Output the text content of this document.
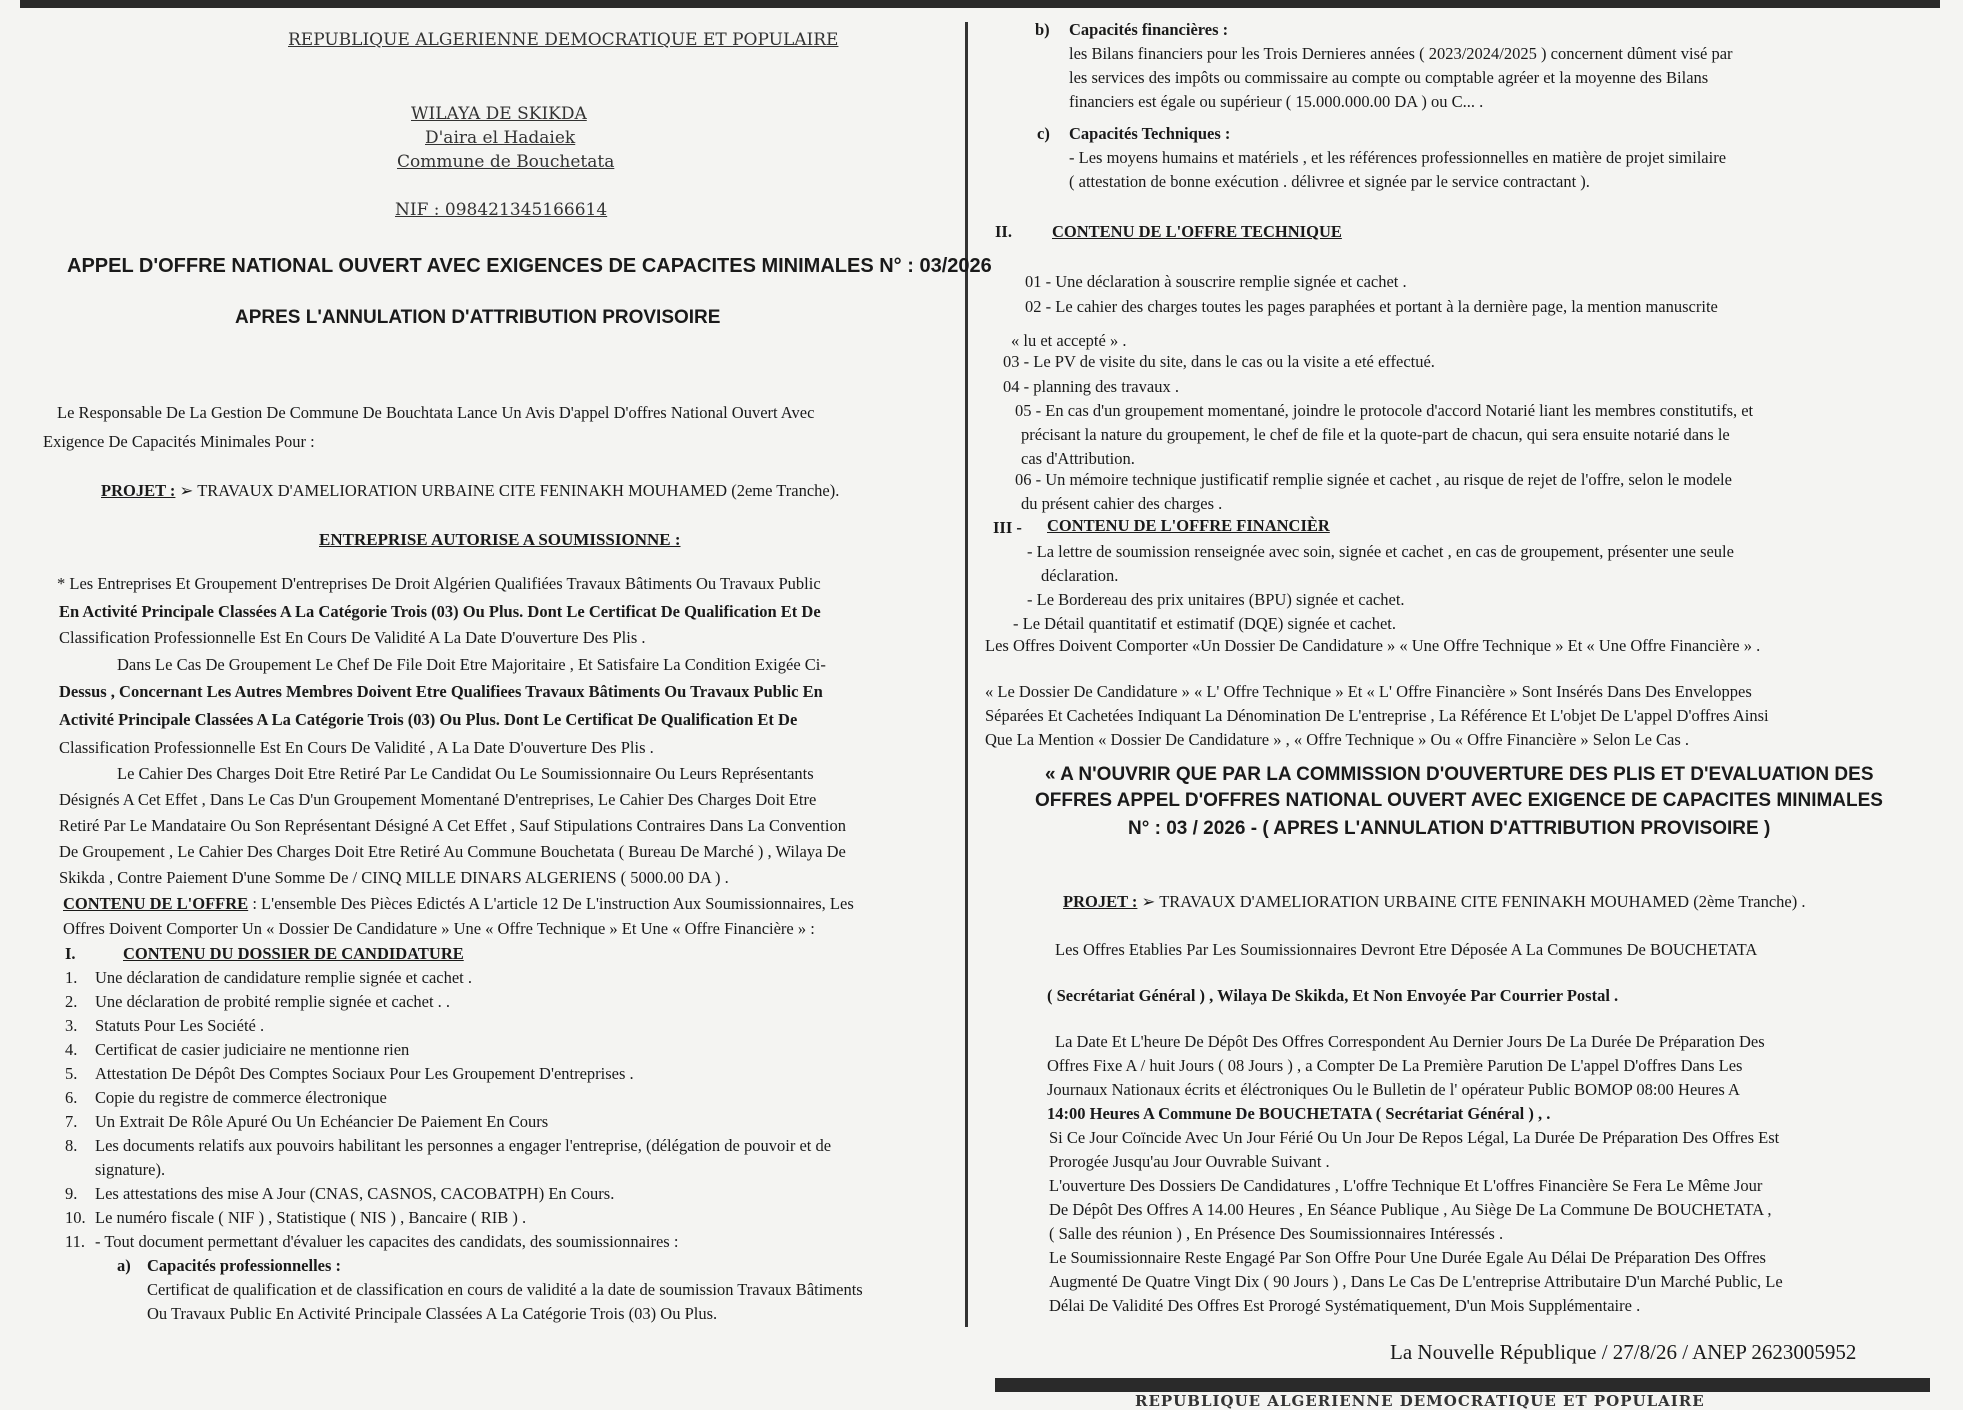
REPUBLIQUE ALGERIENNE DEMOCRATIQUE ET POPULAIRE
WILAYA DE SKIKDA
D'aira el Hadaiek
Commune de Bouchetata
NIF : 098421345166614
APPEL D'OFFRE NATIONAL OUVERT AVEC EXIGENCES DE CAPACITES MINIMALES N° : 03/2026
APRES L'ANNULATION D'ATTRIBUTION PROVISOIRE
Le Responsable De La Gestion De Commune De Bouchtata Lance Un Avis D'appel D'offres National Ouvert Avec
Exigence De Capacités Minimales Pour :
PROJET : ➢ TRAVAUX D'AMELIORATION URBAINE CITE FENINAKH MOUHAMED (2eme Tranche).
ENTREPRISE AUTORISE A SOUMISSIONNE :
* Les Entreprises Et Groupement D'entreprises De Droit Algérien Qualifiées Travaux Bâtiments Ou Travaux Public
En Activité Principale Classées A La Catégorie Trois (03) Ou Plus. Dont Le Certificat De Qualification Et De
Classification Professionnelle Est En Cours De Validité A La Date D'ouverture Des Plis .
Dans Le Cas De Groupement Le Chef De File Doit Etre Majoritaire , Et Satisfaire La Condition Exigée Ci-
Dessus , Concernant Les Autres Membres Doivent Etre Qualifiees Travaux Bâtiments Ou Travaux Public En
Activité Principale Classées A La Catégorie Trois (03) Ou Plus. Dont Le Certificat De Qualification Et De
Classification Professionnelle Est En Cours De Validité , A La Date D'ouverture Des Plis .
Le Cahier Des Charges Doit Etre Retiré Par Le Candidat Ou Le Soumissionnaire Ou Leurs Représentants
Désignés A Cet Effet , Dans Le Cas D'un Groupement Momentané D'entreprises, Le Cahier Des Charges Doit Etre
Retiré Par Le Mandataire Ou Son Représentant Désigné A Cet Effet , Sauf Stipulations Contraires Dans La Convention
De Groupement , Le Cahier Des Charges Doit Etre Retiré Au Commune Bouchetata ( Bureau De Marché ) , Wilaya De
Skikda , Contre Paiement D'une Somme De / CINQ MILLE DINARS ALGERIENS ( 5000.00 DA ) .
CONTENU DE L'OFFRE : L'ensemble Des Pièces Edictés A L'article 12 De L'instruction Aux Soumissionnaires, Les
Offres Doivent Comporter Un « Dossier De Candidature » Une « Offre Technique » Et Une « Offre Financière » :
I.	CONTENU DU DOSSIER DE CANDIDATURE
1. Une déclaration de candidature remplie signée et cachet .
2. Une déclaration de probité remplie signée et cachet . .
3. Statuts Pour Les Société .
4. Certificat de casier judiciaire ne mentionne rien
5. Attestation De Dépôt Des Comptes Sociaux Pour Les Groupement D'entreprises .
6. Copie du registre de commerce électronique
7. Un Extrait De Rôle Apuré Ou Un Echéancier De Paiement En Cours
8. Les documents relatifs aux pouvoirs habilitant les personnes a engager l'entreprise, (délégation de pouvoir et de
signature).
9. Les attestations des mise A Jour (CNAS, CASNOS, CACOBATPH) En Cours.
10. Le numéro fiscale ( NIF ) , Statistique ( NIS ) , Bancaire ( RIB ) .
11. - Tout document permettant d'évaluer les capacites des candidats, des soumissionnaires :
a) Capacités professionnelles :
Certificat de qualification et de classification en cours de validité a la date de soumission Travaux Bâtiments
Ou Travaux Public En Activité Principale Classées A La Catégorie Trois (03) Ou Plus.
b) Capacités financières :
les Bilans financiers pour les Trois Dernieres années ( 2023/2024/2025 ) concernent dûment visé par
les services des impôts ou commissaire au compte ou comptable agréer et la moyenne des Bilans
financiers est égale ou supérieur ( 15.000.000.00 DA ) ou C... .
c) Capacités Techniques :
- Les moyens humains et matériels , et les références professionnelles en matière de projet similaire
( attestation de bonne exécution . délivree et signée par le service contractant ).
II. CONTENU DE L'OFFRE TECHNIQUE
01 - Une déclaration à souscrire remplie signée et cachet .
02 - Le cahier des charges toutes les pages paraphées et portant à la dernière page, la mention manuscrite
« lu et accepté » .
03 - Le PV de visite du site, dans le cas ou la visite a eté effectué.
04 - planning des travaux .
05 - En cas d'un groupement momentané, joindre le protocole d'accord Notarié liant les membres constitutifs, et
précisant la nature du groupement, le chef de file et la quote-part de chacun, qui sera ensuite notarié dans le
cas d'Attribution.
06 - Un mémoire technique justificatif remplie signée et cachet , au risque de rejet de l'offre, selon le modele
du présent cahier des charges .
III - CONTENU DE L'OFFRE FINANCIÈR
- La lettre de soumission renseignée avec soin, signée et cachet , en cas de groupement, présenter une seule
déclaration.
- Le Bordereau des prix unitaires (BPU) signée et cachet.
- Le Détail quantitatif et estimatif (DQE) signée et cachet.
Les Offres Doivent Comporter «Un Dossier De Candidature » « Une Offre Technique » Et « Une Offre Financière » .
« Le Dossier De Candidature » « L' Offre Technique » Et « L' Offre Financière » Sont Insérés Dans Des Enveloppes
Séparées Et Cachetées Indiquant La Dénomination De L'entreprise , La Référence Et L'objet De L'appel D'offres Ainsi
Que La Mention « Dossier De Candidature » , « Offre Technique » Ou « Offre Financière » Selon Le Cas .
« A N'OUVRIR QUE PAR LA COMMISSION D'OUVERTURE DES PLIS ET D'EVALUATION DES
OFFRES APPEL D'OFFRES NATIONAL OUVERT AVEC EXIGENCE DE CAPACITES MINIMALES
N° : 03 / 2026 - ( APRES L'ANNULATION D'ATTRIBUTION PROVISOIRE )
PROJET : ➢ TRAVAUX D'AMELIORATION URBAINE CITE FENINAKH MOUHAMED (2ème Tranche) .
Les Offres Etablies Par Les Soumissionnaires Devront Etre Déposée A La Communes De BOUCHETATA
( Secrétariat Général ) , Wilaya De Skikda, Et Non Envoyée Par Courrier Postal .
La Date Et L'heure De Dépôt Des Offres Correspondent Au Dernier Jours De La Durée De Préparation Des
Offres Fixe A / huit Jours ( 08 Jours ) , a Compter De La Première Parution De L'appel D'offres Dans Les
Journaux Nationaux écrits et éléctroniques Ou le Bulletin de l' opérateur Public BOMOP 08:00 Heures A
14:00 Heures A Commune De BOUCHETATA ( Secrétariat Général ) , .
Si Ce Jour Coïncide Avec Un Jour Férié Ou Un Jour De Repos Légal, La Durée De Préparation Des Offres Est
Prorogée Jusqu'au Jour Ouvrable Suivant .
L'ouverture Des Dossiers De Candidatures , L'offre Technique Et L'offres Financière Se Fera Le Même Jour
De Dépôt Des Offres A 14.00 Heures , En Séance Publique , Au Siège De La Commune De BOUCHETATA ,
( Salle des réunion ) , En Présence Des Soumissionnaires Intéressés .
Le Soumissionnaire Reste Engagé Par Son Offre Pour Une Durée Egale Au Délai De Préparation Des Offres
Augmenté De Quatre Vingt Dix ( 90 Jours ) , Dans Le Cas De L'entreprise Attributaire D'un Marché Public, Le
Délai De Validité Des Offres Est Prorogé Systématiquement, D'un Mois Supplémentaire .
La Nouvelle République / 27/8/26 / ANEP 2623005952
REPUBLIQUE ALGERIENNE DEMOCRATIQUE ET POPULAIRE
